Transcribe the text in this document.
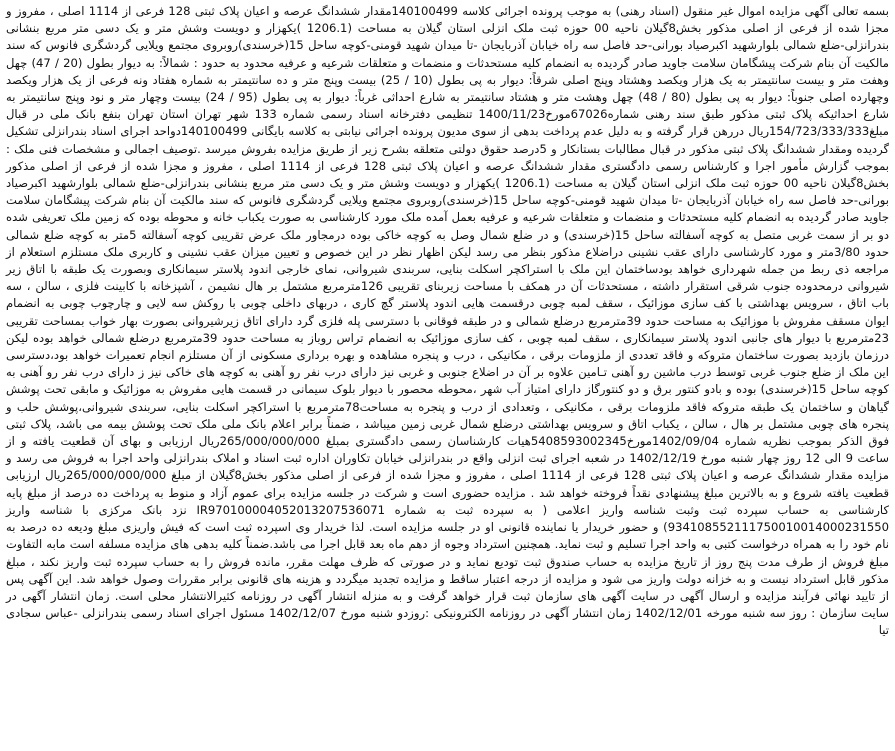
بسمه تعالی آگهی مزایده اموال غیر منقول (اسناد رهنی) به موجب پرونده اجرائی کلاسه 140100499مقدار ششدانگ عرصه و اعیان پلاک ثبتی 128 فرعی از 1114 اصلی ، مفروز و مجزا شده از فرعی از اصلی مذکور بخش8گیلان ناحیه 00 حوزه ثبت ملک انزلی استان گیلان به مساحت (1206.1 )یکهزار و دویست وشش متر و یک دسی متر مربع بنشانی بندرانزلی-ضلع شمالی بلوارشهید اکبرصیاد بورانی-حد فاصل سه راه خیابان آذربایجان -تا میدان شهید قومنی-کوچه ساحل 15(خرسندی)روبروی مجتمع ویلایی گردشگری فانوس که سند مالکیت آن بنام شرکت پیشگامان سلامت جاوید صادر گردیده به انضمام کلیه مستحدثات و منضمات و متعلقات شرعیه و عرفیه محدود به حدود : شمالاً: به دیوار بطول (20 / 47) چهل وهفت متر و بیست سانتیمتر به یک هزار ویکصد وهشتاد وپنج اصلی شرقاً: دیوار به پی بطول (10 / 25) بیست وپنج متر و ده سانتیمتر به شماره هفتاد ونه فرعی از یک هزار ویکصد وچهارده اصلی جنوباً: دیوار به پی بطول (80 / 48) چهل وهشت متر و هشتاد سانتیمتر به شارع احداثی غرباً: دیوار به پی بطول (95 / 24) بیست وچهار متر و نود وپنج سانتیمتر به شارع احداثیکه پلاک ثبتی مذکور طبق سند رهنی شماره67026مورخ1400/11/23 تنظیمی دفترخانه اسناد رسمی شماره 133 شهر تهران استان تهران بنفع بانک ملی در قبال مبلغ154/723/333/333ریال دررهن قرار گرفته و به دلیل عدم پرداخت بدهی از سوی مدیون پرونده اجرائی نیابتی به کلاسه بایگانی 140100499دواحد اجرای اسناد بندرانزلی تشکیل گردیده ومقدار ششدانگ پلاک ثبتی مذکور در قبال مطالبات بستانکار و 5درصد حقوق دولتی متعلقه بشرح زیر از طریق مزایده بفروش میرسد .توصیف اجمالی و مشخصات فنی ملک : بموجب گزارش مأمور اجرا و کارشناس رسمی دادگستری مقدار ششدانگ عرصه و اعیان پلاک ثبتی 128 فرعی از 1114 اصلی ، مفروز و مجزا شده از فرعی از اصلی مذکور بخش8گیلان ناحیه 00 حوزه ثبت ملک انزلی استان گیلان به مساحت (1206.1 )یکهزار و دویست وشش متر و یک دسی متر مربع بنشانی بندرانزلی-ضلع شمالی بلوارشهید اکبرصیاد بورانی-حد فاصل سه راه خیابان آذربایجان -تا میدان شهید قومنی-کوچه ساحل 15(خرسندی)روبروی مجتمع ویلایی گردشگری فانوس که سند مالکیت آن بنام شرکت پیشگامان سلامت جاوید صادر گردیده به انضمام کلیه مستحدثات و منضمات و متعلقات شرعیه و عرفیه بعمل آمده ملک مورد کارشناسی به صورت یکباب خانه و محوطه بوده که زمین ملک تعریفی شده دو بر از سمت غربی متصل به کوچه آسفالته ساحل 15(خرسندی) و در ضلع شمال وصل به کوچه خاکی بوده درمجاور ملک عرض تقریبی کوچه آسفالته 5متر به کوچه ضلع شمالی حدود 3/80متر و مورد کارشناسی دارای عقب نشینی دراضلاع مذکور بنظر می رسد لیکن اظهار نظر در این خصوص و تعیین میزان عقب نشینی و کاربری ملک مستلزم استعلام از مراجعه ذی ربط من جمله شهرداری خواهد بودساختمان این ملک با استراکچر اسکلت بنایی، سربندی شیروانی، نمای خارجی اندود پلاستر سیمانکاری وبصورت یک طبقه با اتاق زیر شیروانی درمحدوده جنوب شرقی استقرار داشته ، مستحدثات آن در همکف با مساحت زیربنای تقریبی 126مترمربع مشتمل بر هال نشیمن ، آشپزخانه با کابینت فلزی ، سالن ، سه باب اتاق ، سرویس بهداشتی با کف سازی موزائیک ، سقف لمبه چوبی درقسمت هایی اندود پلاستر گچ کاری ، دربهای داخلی چوبی با روکش سه لایی و چارچوب چوبی به انضمام ایوان مسقف مفروش با موزائیک به مساحت حدود 39مترمربع درضلع شمالی و در طبقه فوقانی با دسترسی پله فلزی گرد دارای اتاق زیرشیروانی بصورت بهار خواب بمساحت تقریبی 23مترمربع با دیوار های جانبی اندود پلاستر سیمانکاری ، سقف لمبه چوبی ، کف سازی موزائیک به انضمام تراس روباز به مساحت حدود 39مترمربع درضلع شمالی خواهد بوده لیکن درزمان بازدید بصورت ساختمان متروکه و فاقد تعددی از ملزومات برقی ، مکانیکی ، درب و پنجره مشاهده و بهره برداری مسکونی از آن مستلزم انجام تعمیرات خواهد بود،دسترسی این ملک از ضلع جنوب غربی توسط درب ماشین رو آهنی تـامین علاوه بر آن در اضلاع جنوبی و غربی نیز دارای درب نفر رو آهنی به کوچه های خاکی نیز ز دارای درب نفر رو آهنی به کوچه ساحل 15(خرسندی) بوده و بادو کنتور برق و دو کنتورگاز دارای امتیاز آب شهر ،محوطه محصور با دیوار بلوک سیمانی در قسمت هایی مفروش به موزائیک و مابقی تحت پوشش گیاهان و ساختمان یک طبقه متروکه فاقد ملزومات برقی ، مکانیکی ، وتعدادی از درب و پنجره به مساحت78مترمربع با استراکچر اسکلت بنایی، سربندی شیروانی،پوشش حلب و پنجره های چوبی مشتمل بر هال ، سالن ، یکباب اتاق و سرویس بهداشتی درضلع شمال غربی زمین میباشد ، ضمناً برابر اعلام بانک ملی ملک تحت پوشش بیمه می باشد، پلاک ثبتی فوق الذکر بموجب نظریه شماره 1402/09/04مورخ5408593002345هیات کارشناسان رسمی دادگستری بمبلغ 265/000/000/000ریال ارزیابی و بهای آن قطعیت یافته و از ساعت 9 الی 12 روز چهار شنبه مورخ 1402/12/19 در شعبه اجرای ثبت انزلی واقع در بندرانزلی خیابان تکاوران اداره ثبت اسناد و املاک بندرانزلی واحد اجرا به فروش می رسد و مزایده مقدار ششدانگ عرصه و اعیان پلاک ثبتی 128 فرعی از 1114 اصلی ، مفروز و مجزا شده از فرعی از اصلی مذکور بخش8گیلان از مبلغ 265/000/000/000ریال ارزیابی قطعیت یافته شروع و به بالاترین مبلغ پیشنهادی نقداً فروخته خواهد شد . مزایده حضوری است و شرکت در جلسه مزایده برای عموم آزاد و منوط به پرداخت ده درصد از مبلغ پایه کارشناسی به حساب سپرده ثبت وثبت شناسه واریز اعلامی ( به سپرده ثبت به شماره IR970100004052013207536071 نزد بانک مرکزی با شناسه واریز 934108552111750010014000231550) و حضور خریدار یا نماینده قانونی او در جلسه مزایده است. لذا خریدار وی اسپرده ثبت است که فیش واریزی مبلغ ودیعه ده درصد به نام خود را به همراه درخواست کتبی به واحد اجرا تسلیم و ثبت نماید. همچنین استرداد وجوه از دهم ماه بعد قابل اجرا می باشد.ضمناً کلیه بدهی های مزایده مسلفه است مابه التفاوت مبلغ فروش از طرف مدت پنج روز از تاریخ مزایده به حساب صندوق ثبت تودیع نماید و در صورتی که ظرف مهلت مقرر، مانده فروش را به حساب سپرده ثبت واریز نکند ، مبلغ مذکور قابل استرداد نیست و به خزانه دولت واریز می شود و مزایده از درجه اعتبار ساقط و مزایده تجدید میگردد و هزینه های قانونی برابر مقررات وصول خواهد شد. این آگهی پس از تایید نهائی فرآیند مزایده و ارسال آگهی در سایت آگهی های سازمان ثبت قرار خواهد گرفت و به منزله انتشار آگهی در روزنامه کثیرالانتشار محلی است. زمان انتشار آگهی در سایت سازمان : روز سه شنبه مورخه 1402/12/01 زمان انتشار آگهی در روزنامه الکترونیکی :روزدو شنبه مورخ 1402/12/07 مسئول اجرای اسناد رسمی بندرانزلی -عباس سجادی تیا
